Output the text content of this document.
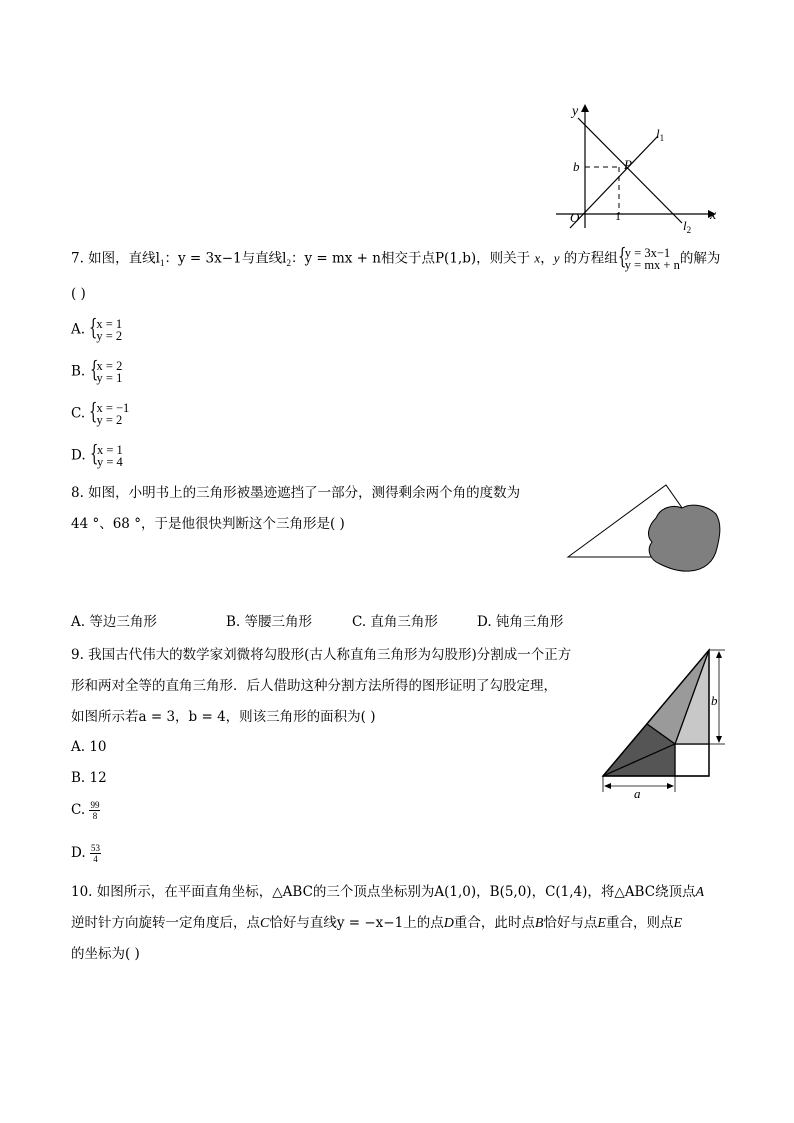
y
x
O
b	P
1
$l_1$
$l_2$
7. 如图，直线$l_1$：y = 3x−1与直线$l_2$：y = mx + n相交于点P(1,b)，则关于 x，y 的方程组 {
y = 3x−1
y = mx + n 的解为
( )
A. {
x = 1
y = 2
B. {
x = 2
y = 1
C. {
x = −1
y = 2
D. {
x = 1
y = 4
8. 如图，小明书上的三角形被墨迹遮挡了一部分，测得剩余两个角的度数为
44 °、68 °，于是他很快判断这个三角形是( )
A. 等边三角形	B. 等腰三角形	C. 直角三角形	D. 钝角三角形
9. 我国古代伟大的数学家刘微将勾股形(古人称直角三角形为勾股形)分割成一个正方
形和两对全等的直角三角形．后人借助这种分割方法所得的图形证明了勾股定理，
如图所示若a = 3，b = 4，则该三角形的面积为( )
A. 10
B. 12
C. $\frac{99}{8}$
D. $\frac{53}{4}$
b
a
10. 如图所示，在平面直角坐标，△ABC的三个顶点坐标别为A(1,0)，B(5,0)，C(1,4)，将△ABC绕顶点A
逆时针方向旋转一定角度后，点C恰好与直线y = −x−1上的点D重合，此时点B恰好与点E重合，则点E
的坐标为( )
